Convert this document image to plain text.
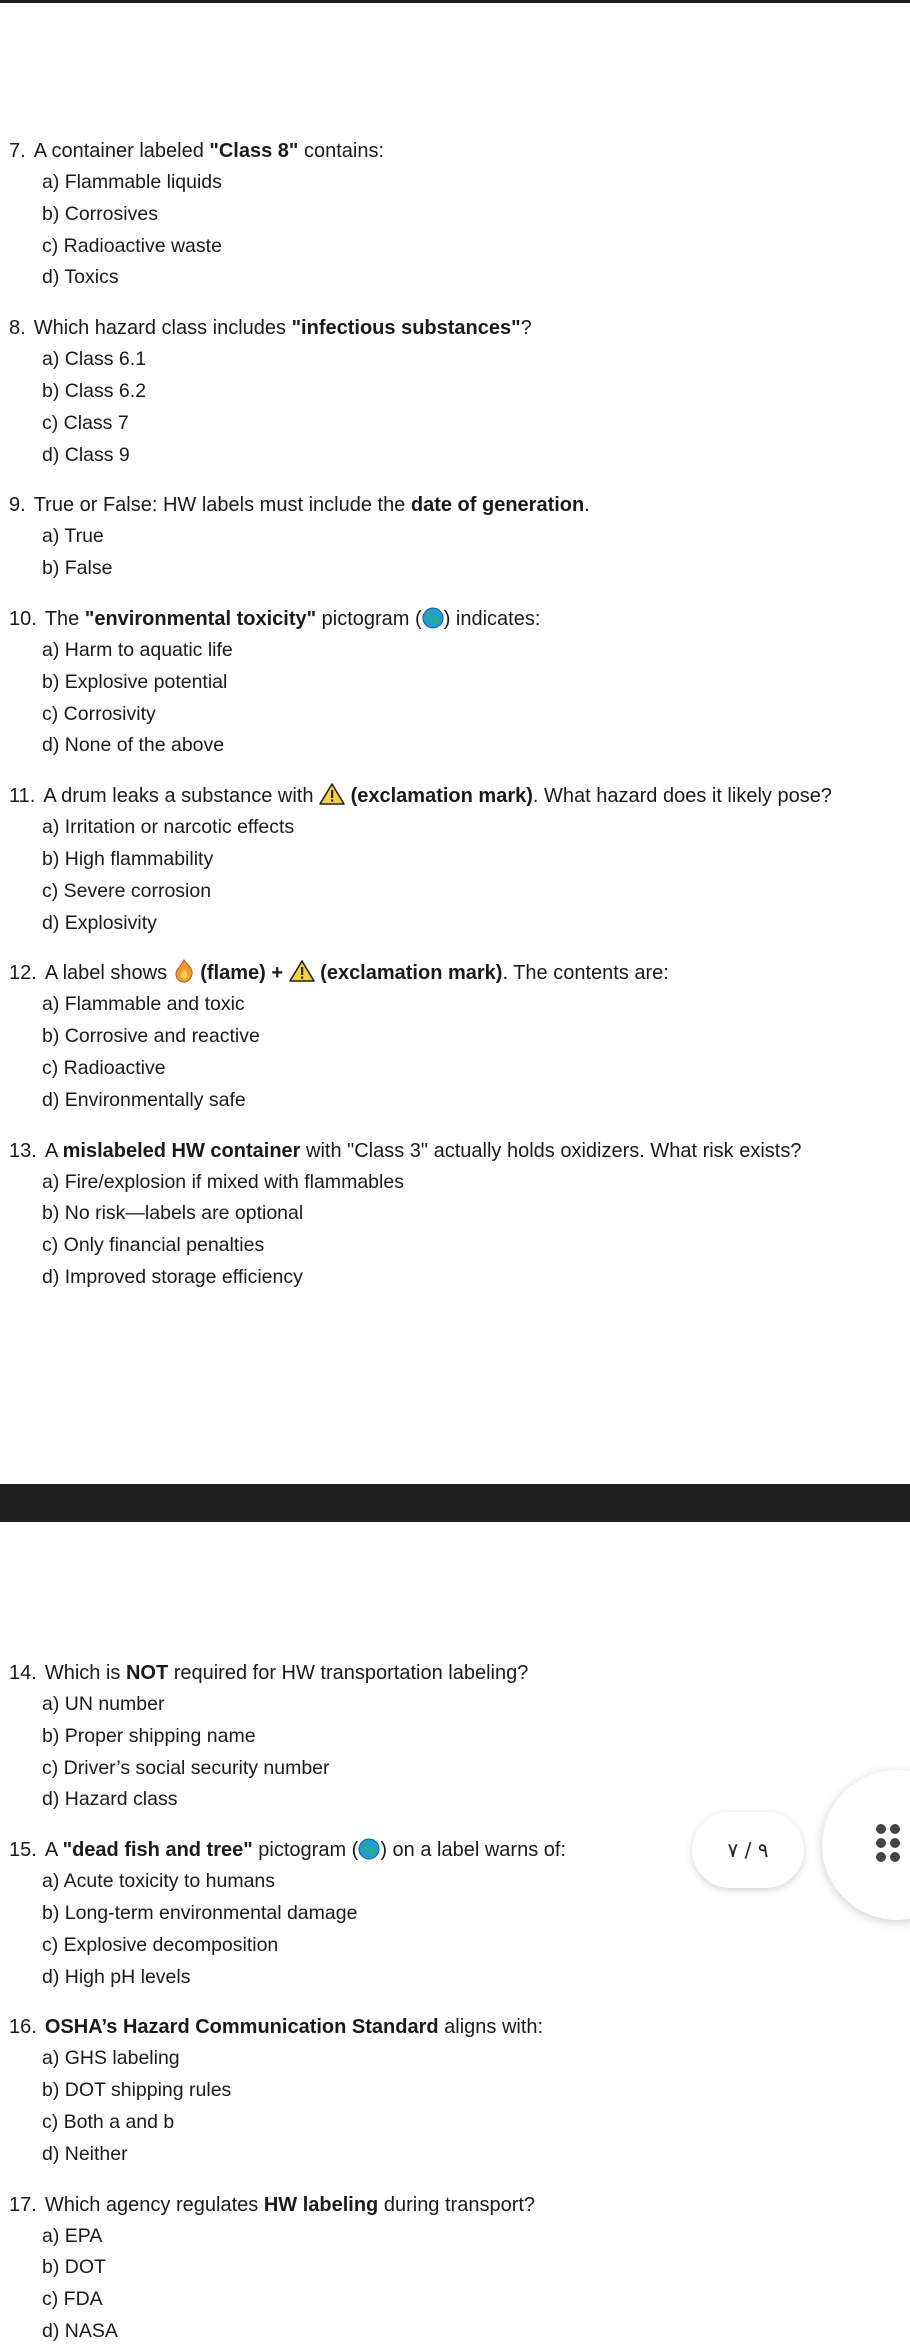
7. A container labeled "Class 8" contains:
a) Flammable liquids
b) Corrosives
c) Radioactive waste
d) Toxics
8. Which hazard class includes "infectious substances"?
a) Class 6.1
b) Class 6.2
c) Class 7
d) Class 9
9. True or False: HW labels must include the date of generation.
a) True
b) False
10. The "environmental toxicity" pictogram ( ) indicates:
a) Harm to aquatic life
b) Explosive potential
c) Corrosivity
d) None of the above
11. A drum leaks a substance with  (exclamation mark). What hazard does it likely pose?
a) Irritation or narcotic effects
b) High flammability
c) Severe corrosion
d) Explosivity
12. A label shows  (flame) +  (exclamation mark). The contents are:
a) Flammable and toxic
b) Corrosive and reactive
c) Radioactive
d) Environmentally safe
13. A mislabeled HW container with "Class 3" actually holds oxidizers. What risk exists?
a) Fire/explosion if mixed with flammables
b) No risk—labels are optional
c) Only financial penalties
d) Improved storage efficiency
14. Which is NOT required for HW transportation labeling?
a) UN number
b) Proper shipping name
c) Driver’s social security number
d) Hazard class
15. A "dead fish and tree" pictogram ( ) on a label warns of:
a) Acute toxicity to humans
b) Long-term environmental damage
c) Explosive decomposition
d) High pH levels
16. OSHA’s Hazard Communication Standard aligns with:
a) GHS labeling
b) DOT shipping rules
c) Both a and b
d) Neither
17. Which agency regulates HW labeling during transport?
a) EPA
b) DOT
c) FDA
d) NASA
٩ / ٧
